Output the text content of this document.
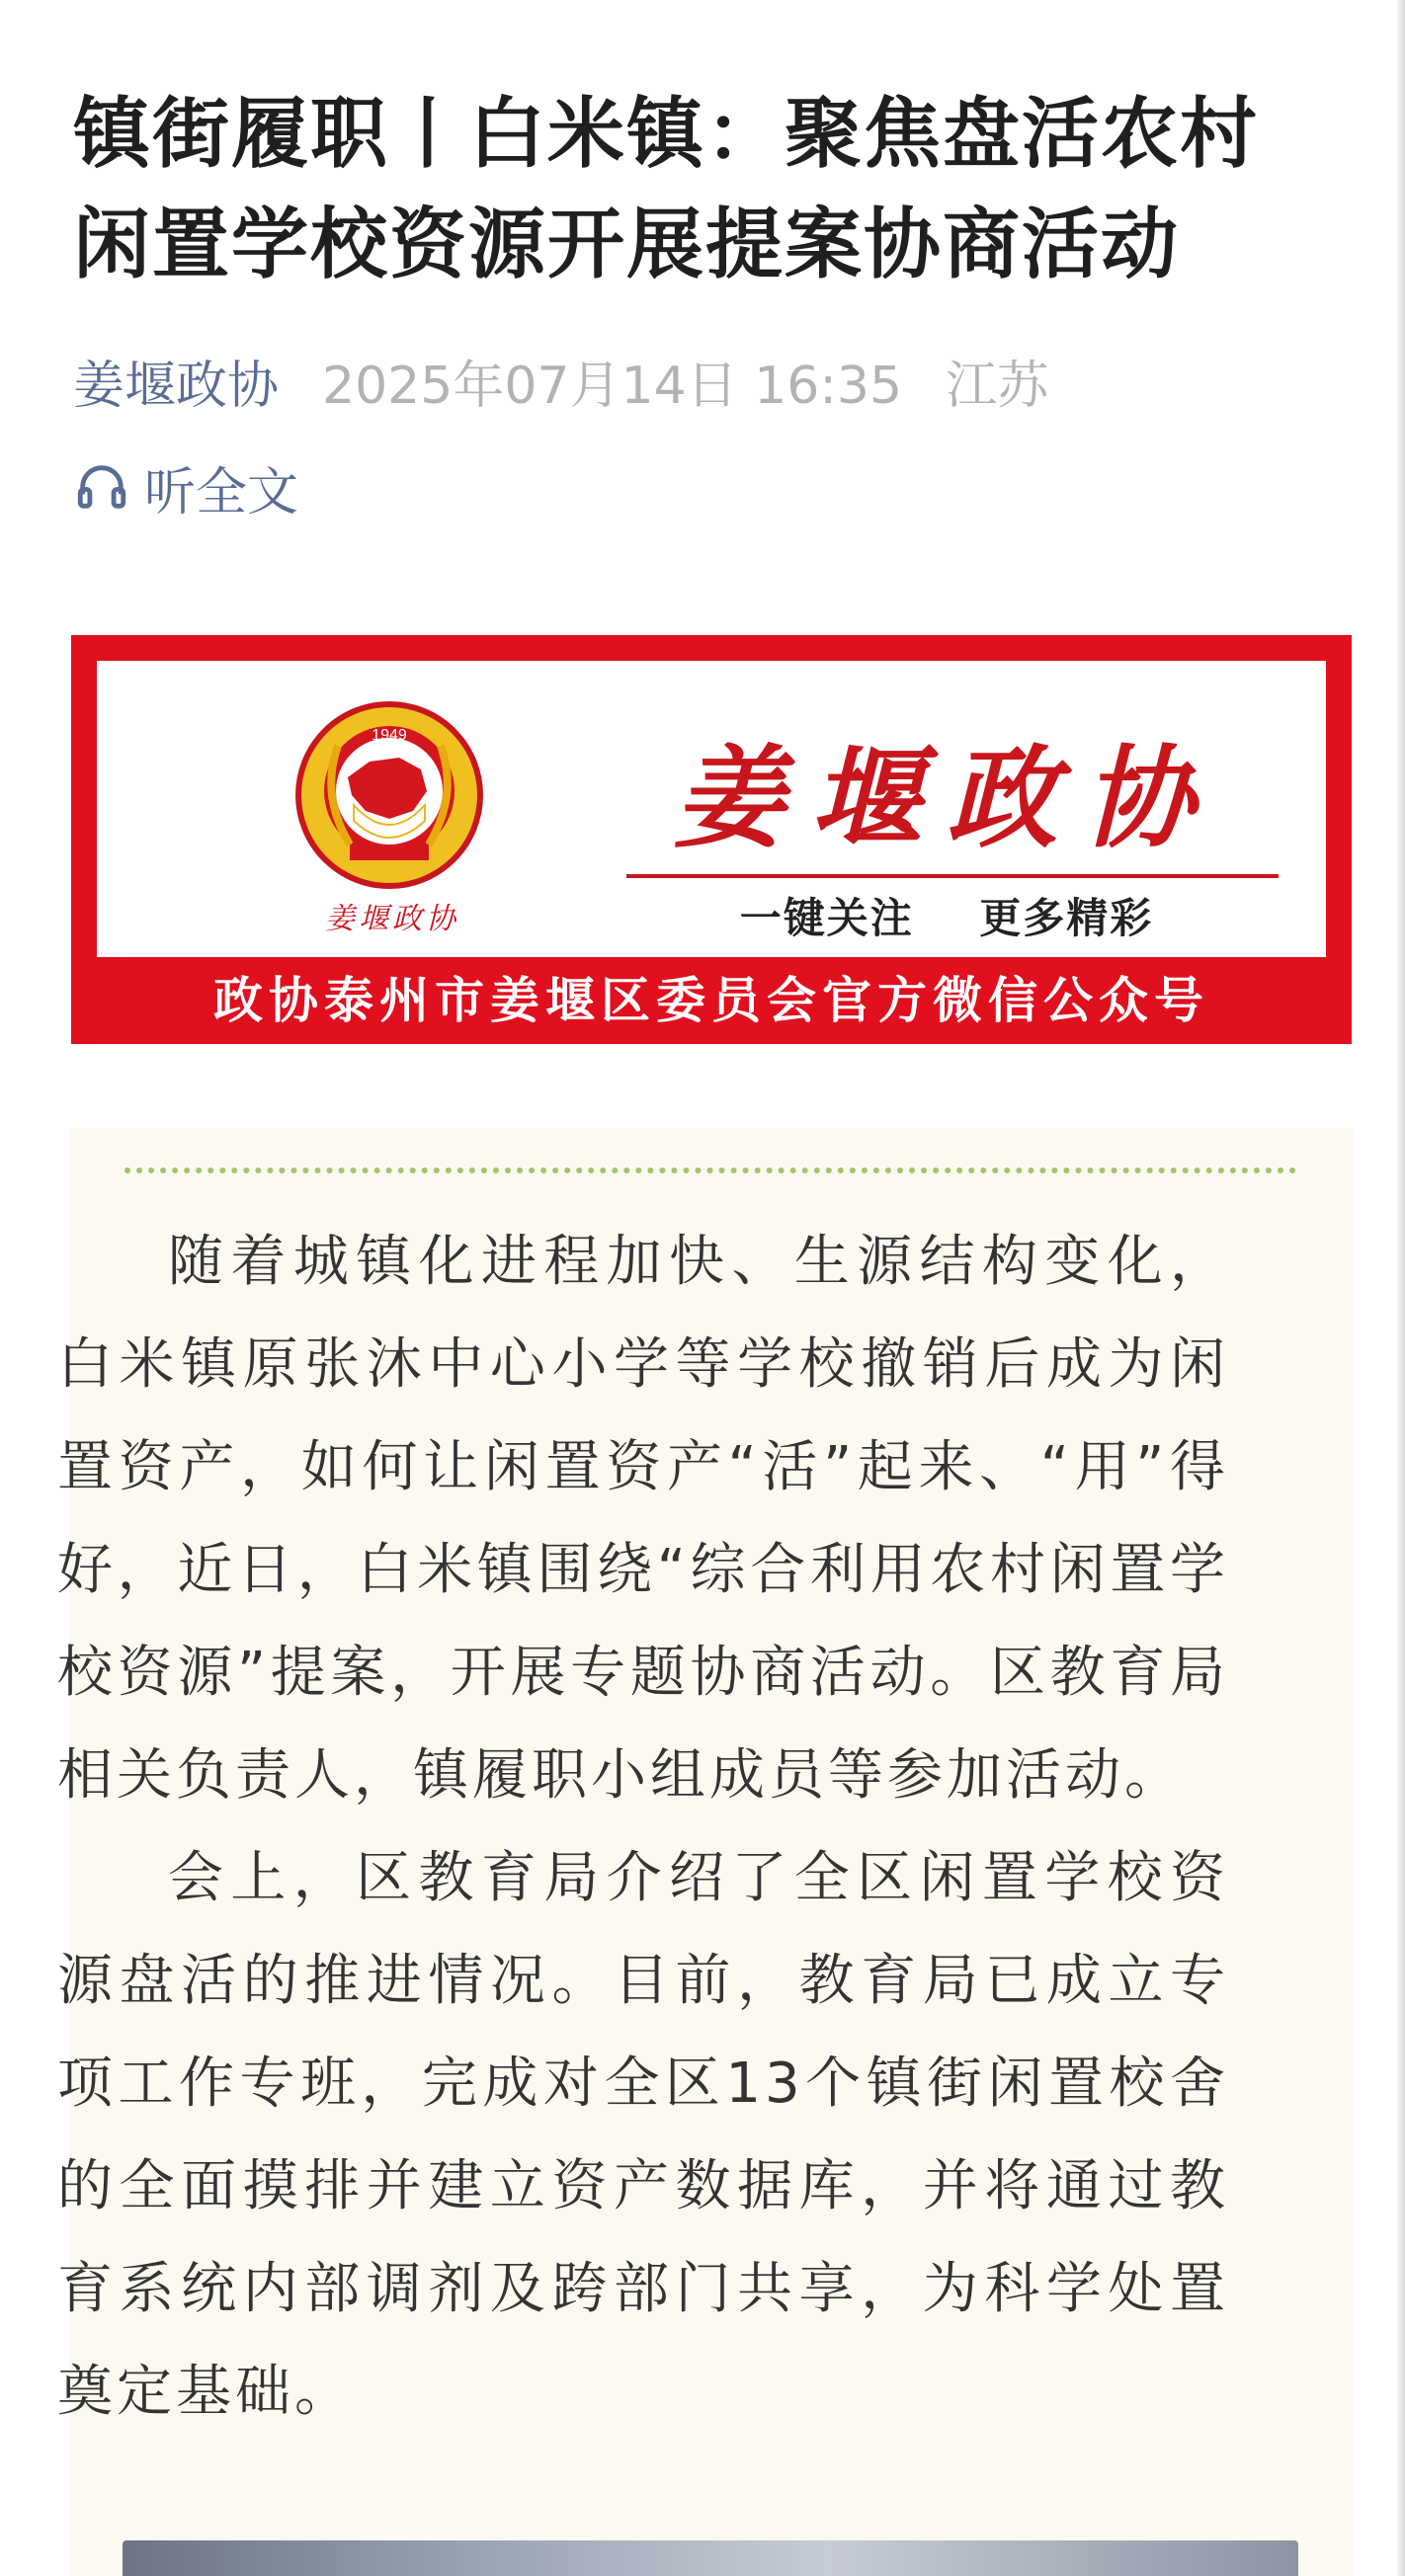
镇街履职丨白米镇：聚焦盘活农村闲置学校资源开展提案协商活动
姜堰政协 2025年07月14日 16:35 江苏
听全文
1949
姜堰政协
姜堰政协
一键关注    更多精彩
政协泰州市姜堰区委员会官方微信公众号

随着城镇化进程加快、生源结构变化，白米镇原张沐中心小学等学校撤销后成为闲置资产，如何让闲置资产“活”起来、“用”得好，近日，白米镇围绕“综合利用农村闲置学校资源”提案，开展专题协商活动。区教育局相关负责人，镇履职小组成员等参加活动。

会上，区教育局介绍了全区闲置学校资源盘活的推进情况。目前，教育局已成立专项工作专班，完成对全区13个镇街闲置校舍的全面摸排并建立资产数据库，并将通过教育系统内部调剂及跨部门共享，为科学处置奠定基础。
